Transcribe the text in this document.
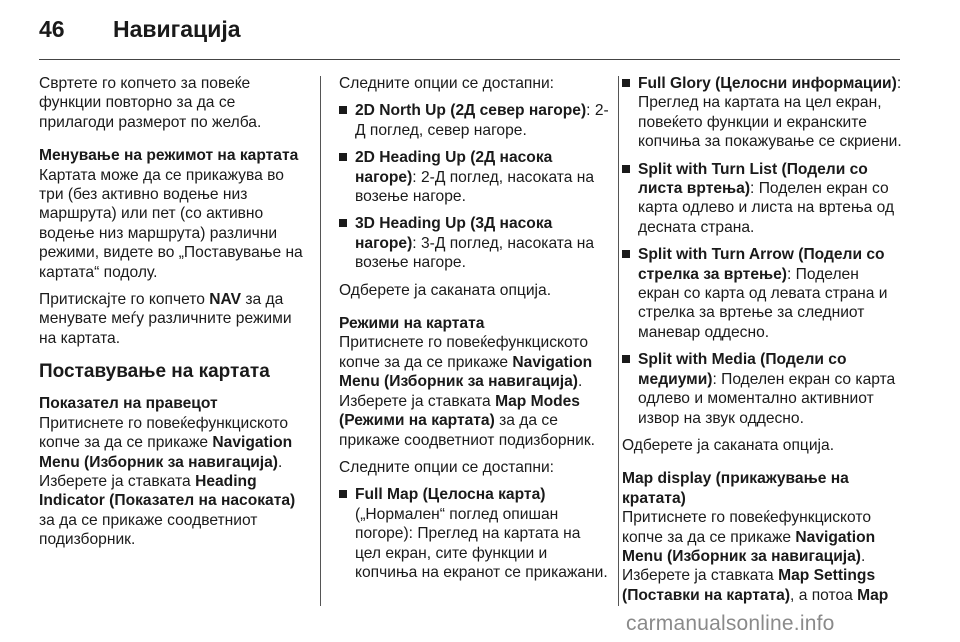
46 Навигација

Свртете го копчето за повеќе функции повторно за да се прилагоди размерот по желба.

Менување на режимот на картата

Картата може да се прикажува во три (без активно водење низ маршрута) или пет (со активно водење низ маршрута) различни режими, видете во „Поставување на картата“ подолу.

Притискајте го копчето NAV за да менувате меѓу различните режими на картата.

Поставување на картата

Показател на правецот

Притиснете го повеќефункциското копче за да се прикаже Navigation Menu (Изборник за навигација). Изберете ја ставката Heading Indicator (Показател на насоката) за да се прикаже соодветниот подизборник.

Следните опции се достапни:

2D North Up (2Д север нагоре): 2-Д поглед, север нагоре.
2D Heading Up (2Д насока нагоре): 2-Д поглед, насоката на возење нагоре.
3D Heading Up (3Д насока нагоре): 3-Д поглед, насоката на возење нагоре.

Одберете ја саканата опција.

Режими на картата

Притиснете го повеќефункциското копче за да се прикаже Navigation Menu (Изборник за навигација). Изберете ја ставката Map Modes (Режими на картата) за да се прикаже соодветниот подизборник.

Следните опции се достапни:

Full Map (Целосна карта) („Нормален“ поглед опишан погоре): Преглед на картата на цел екран, сите функции и копчиња на екранот се прикажани.
Full Glory (Целосни информации): Преглед на картата на цел екран, повеќето функции и екранските копчиња за покажување се скриени.
Split with Turn List (Подели со листа вртења): Поделен екран со карта одлево и листа на вртења од десната страна.
Split with Turn Arrow (Подели со стрелка за вртење): Поделен екран со карта од левата страна и стрелка за вртење за следниот маневар оддесно.
Split with Media (Подели со медиуми): Поделен екран со карта одлево и моментално активниот извор на звук оддесно.

Одберете ја саканата опција.

Map display (прикажување на кратата)

Притиснете го повеќефункциското копче за да се прикаже Navigation Menu (Изборник за навигација). Изберете ја ставката Map Settings (Поставки на картата), а потоа Map

carmanualsonline.info
